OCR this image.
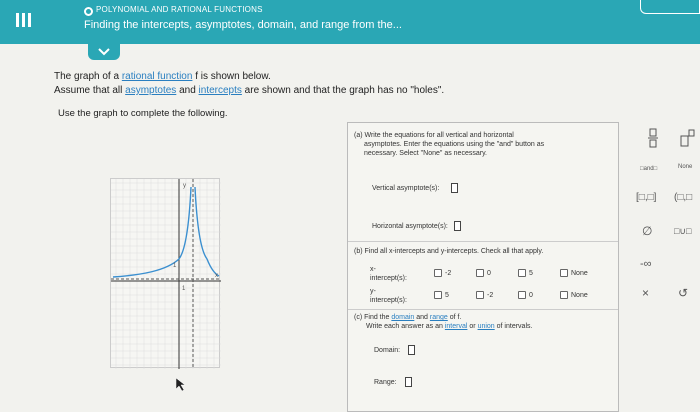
POLYNOMIAL AND RATIONAL FUNCTIONS
Finding the intercepts, asymptotes, domain, and range from the...
The graph of a rational function f is shown below.
Assume that all asymptotes and intercepts are shown and that the graph has no "holes".
Use the graph to complete the following.
1
1
y
x
(a) Write the equations for all vertical and horizontal
asymptotes. Enter the equations using the "and" button as
necessary. Select "None" as necessary.
Vertical asymptote(s):
Horizontal asymptote(s):
(b) Find all x-intercepts and y-intercepts. Check all that apply.
x-
intercept(s):
-2	0	5	None
y-
intercept(s):
5	-2	0	None
(c) Find the domain and range of f.
Write each answer as an interval or union of intervals.
Domain:
Range:
□and□	None
[□,□] (□,□
∅ □∪□
-∞
× ↺
